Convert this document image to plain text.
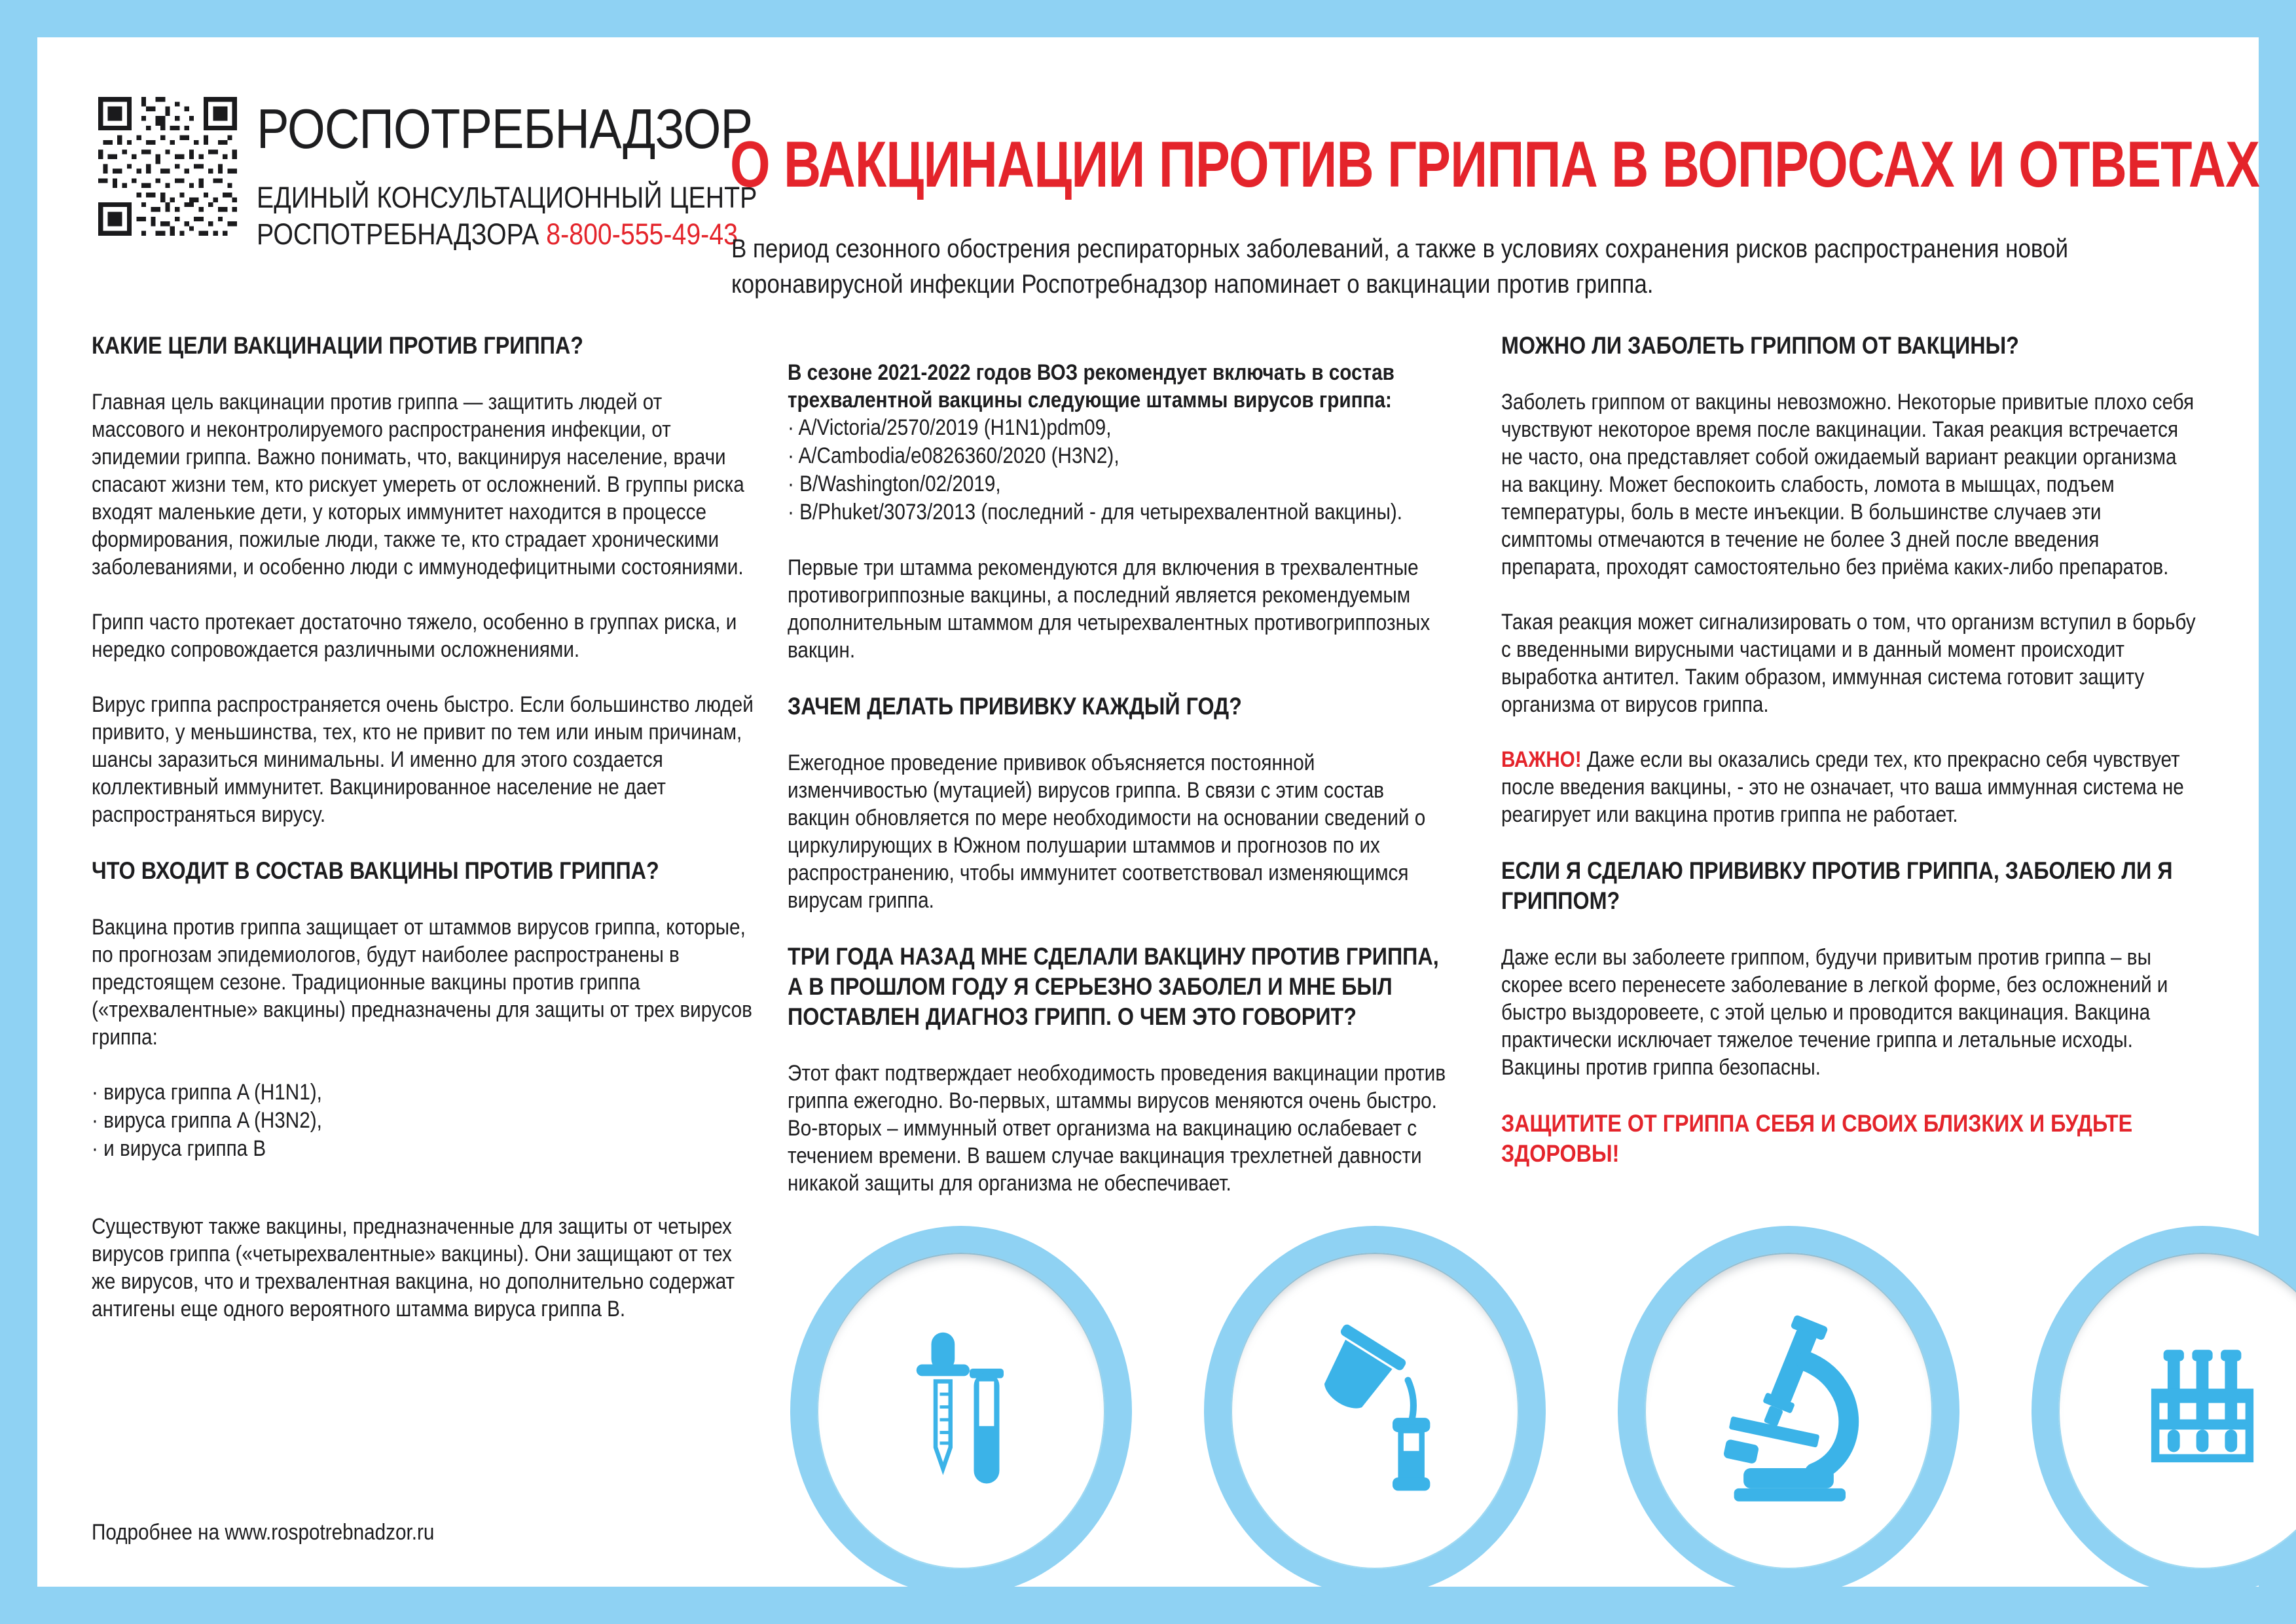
РОСПОТРЕБНАДЗОР
ЕДИНЫЙ КОНСУЛЬТАЦИОННЫЙ ЦЕНТР
РОСПОТРЕБНАДЗОРА 8-800-555-49-43
О ВАКЦИНАЦИИ ПРОТИВ ГРИППА В ВОПРОСАХ И ОТВЕТАХ
В период сезонного обострения респираторных заболеваний, а также в условиях сохранения рисков распространения новой коронавирусной инфекции Роспотребнадзор напоминает о вакцинации против гриппа.
КАКИЕ ЦЕЛИ ВАКЦИНАЦИИ ПРОТИВ ГРИППА?

Главная цель вакцинации против гриппа — защитить людей от массового и неконтролируемого распространения инфекции, от эпидемии гриппа. Важно понимать, что, вакцинируя население, врачи спасают жизни тем, кто рискует умереть от осложнений. В группы риска входят маленькие дети, у которых иммунитет находится в процессе формирования, пожилые люди, также те, кто страдает хроническими заболеваниями, и особенно люди с иммунодефицитными состояниями.

Грипп часто протекает достаточно тяжело, особенно в группах риска, и нередко сопровождается различными осложнениями.

Вирус гриппа распространяется очень быстро. Если большинство людей привито, у меньшинства, тех, кто не привит по тем или иным причинам, шансы заразиться минимальны. И именно для этого создается коллективный иммунитет. Вакцинированное население не дает распространяться вирусу.

ЧТО ВХОДИТ В СОСТАВ ВАКЦИНЫ ПРОТИВ ГРИППА?

Вакцина против гриппа защищает от штаммов вирусов гриппа, которые, по прогнозам эпидемиологов, будут наиболее распространены в предстоящем сезоне. Традиционные вакцины против гриппа («трехвалентные» вакцины) предназначены для защиты от трех вирусов гриппа:

· вируса гриппа A (H1N1),
· вируса гриппа A (H3N2),
· и вируса гриппа B

Существуют также вакцины, предназначенные для защиты от четырех вирусов гриппа («четырехвалентные» вакцины). Они защищают от тех же вирусов, что и трехвалентная вакцина, но дополнительно содержат антигены еще одного вероятного штамма вируса гриппа B.

В сезоне 2021-2022 годов ВОЗ рекомендует включать в состав трехвалентной вакцины следующие штаммы вирусов гриппа:

· A/Victoria/2570/2019 (H1N1)pdm09,
· A/Cambodia/e0826360/2020 (H3N2),
· B/Washington/02/2019,
· B/Phuket/3073/2013 (последний - для четырехвалентной вакцины).

Первые три штамма рекомендуются для включения в трехвалентные противогриппозные вакцины, а последний является рекомендуемым дополнительным штаммом для четырехвалентных противогриппозных вакцин.

ЗАЧЕМ ДЕЛАТЬ ПРИВИВКУ КАЖДЫЙ ГОД?

Ежегодное проведение прививок объясняется постоянной изменчивостью (мутацией) вирусов гриппа. В связи с этим состав вакцин обновляется по мере необходимости на основании сведений о циркулирующих в Южном полушарии штаммов и прогнозов по их распространению, чтобы иммунитет соответствовал изменяющимся вирусам гриппа.

ТРИ ГОДА НАЗАД МНЕ СДЕЛАЛИ ВАКЦИНУ ПРОТИВ ГРИППА, А В ПРОШЛОМ ГОДУ Я СЕРЬЕЗНО ЗАБОЛЕЛ И МНЕ БЫЛ ПОСТАВЛЕН ДИАГНОЗ ГРИПП. О ЧЕМ ЭТО ГОВОРИТ?

Этот факт подтверждает необходимость проведения вакцинации против гриппа ежегодно. Во-первых, штаммы вирусов меняются очень быстро. Во-вторых – иммунный ответ организма на вакцинацию ослабевает с течением времени. В вашем случае вакцинация трехлетней давности никакой защиты для организма не обеспечивает.

МОЖНО ЛИ ЗАБОЛЕТЬ ГРИППОМ ОТ ВАКЦИНЫ?

Заболеть гриппом от вакцины невозможно. Некоторые привитые плохо себя чувствуют некоторое время после вакцинации. Такая реакция встречается не часто, она представляет собой ожидаемый вариант реакции организма на вакцину. Может беспокоить слабость, ломота в мышцах, подъем температуры, боль в месте инъекции. В большинстве случаев эти симптомы отмечаются в течение не более 3 дней после введения препарата, проходят самостоятельно без приёма каких-либо препаратов.

Такая реакция может сигнализировать о том, что организм вступил в борьбу с введенными вирусными частицами и в данный момент происходит выработка антител. Таким образом, иммунная система готовит защиту организма от вирусов гриппа.

ВАЖНО! Даже если вы оказались среди тех, кто прекрасно себя чувствует после введения вакцины, - это не означает, что ваша иммунная система не реагирует или вакцина против гриппа не работает.

ЕСЛИ Я СДЕЛАЮ ПРИВИВКУ ПРОТИВ ГРИППА, ЗАБОЛЕЮ ЛИ Я ГРИППОМ?

Даже если вы заболеете гриппом, будучи привитым против гриппа – вы скорее всего перенесете заболевание в легкой форме, без осложнений и быстро выздоровеете, с этой целью и проводится вакцинация. Вакцина практически исключает тяжелое течение гриппа и летальные исходы. Вакцины против гриппа безопасны.

ЗАЩИТИТЕ ОТ ГРИППА СЕБЯ И СВОИХ БЛИЗКИХ И БУДЬТЕ ЗДОРОВЫ!
Подробнее на www.rospotrebnadzor.ru
